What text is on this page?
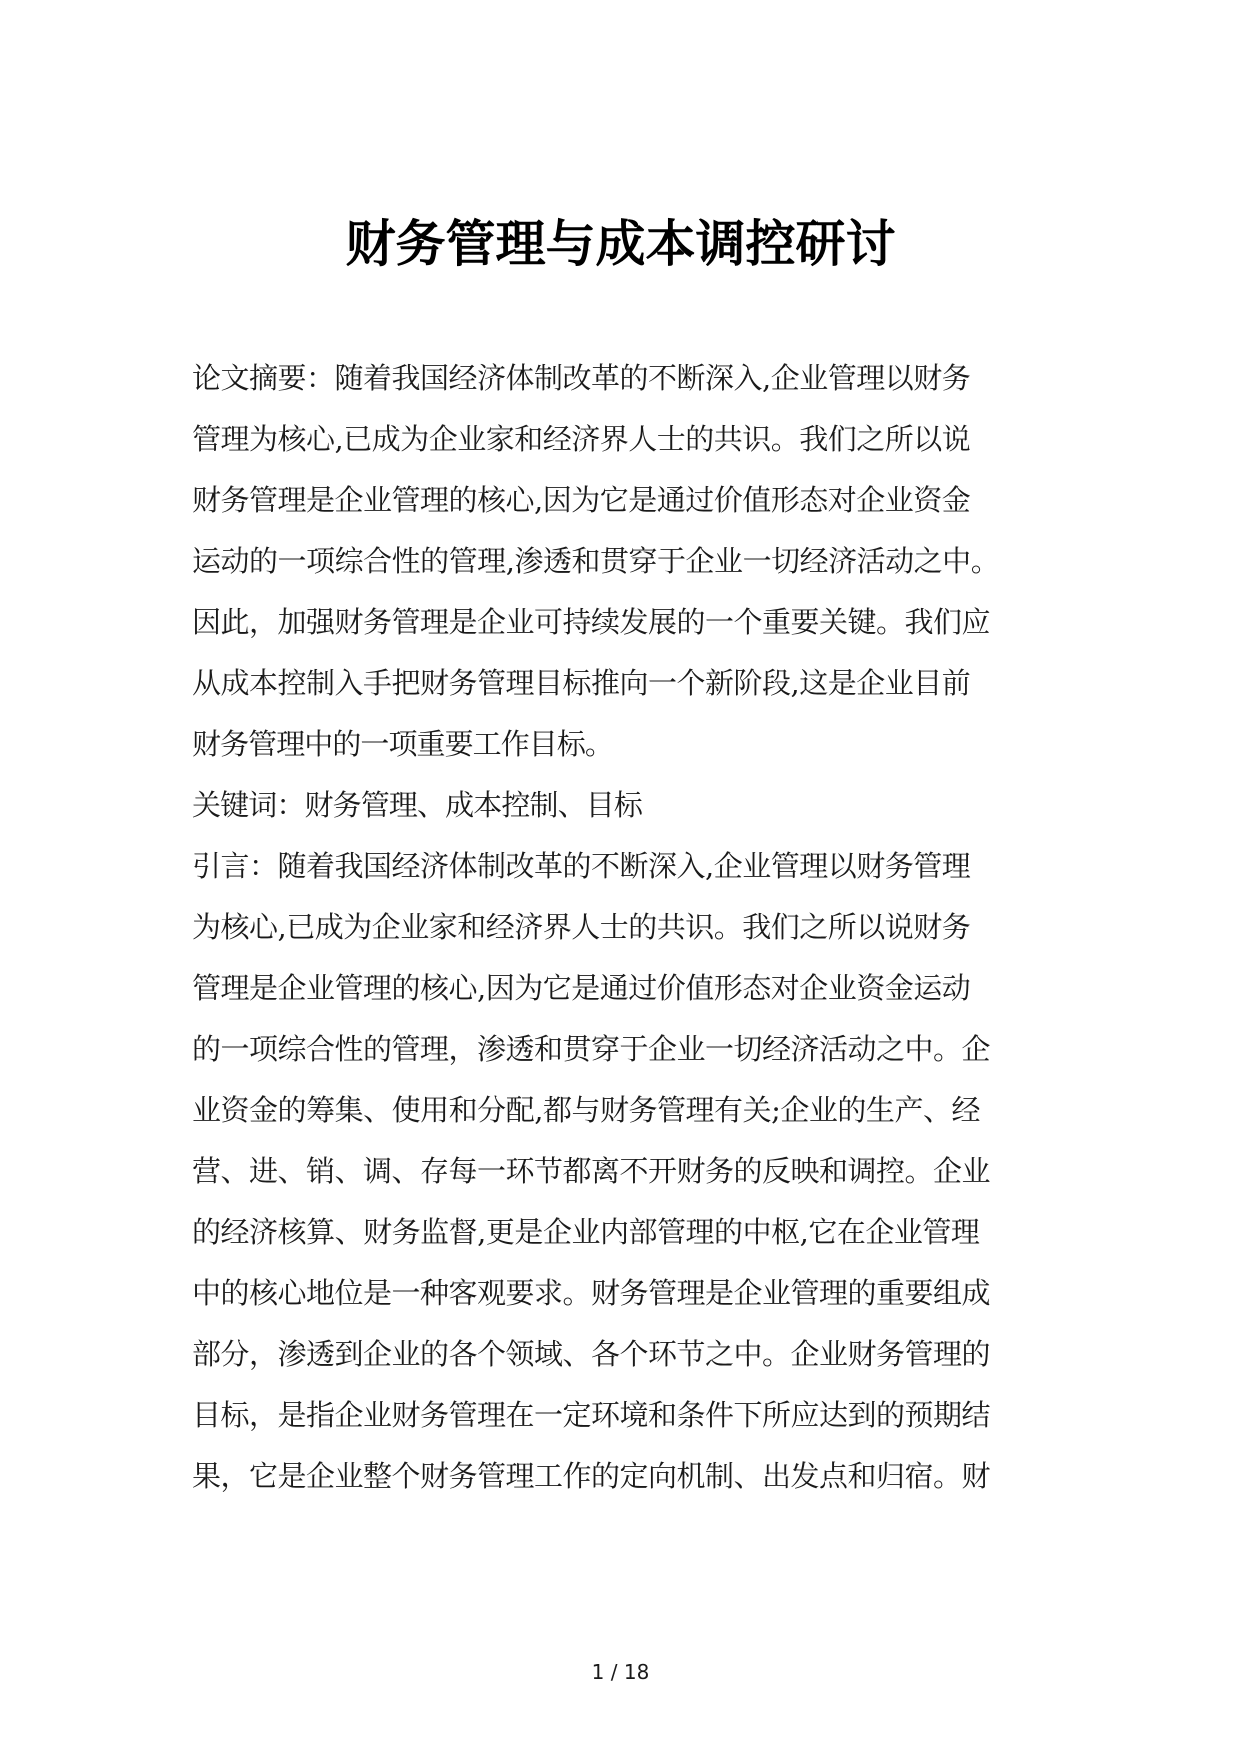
财务管理与成本调控研讨
论文摘要：随着我国经济体制改革的不断深入,企业管理以财务
管理为核心,已成为企业家和经济界人士的共识。我们之所以说
财务管理是企业管理的核心,因为它是通过价值形态对企业资金
运动的一项综合性的管理,渗透和贯穿于企业一切经济活动之中。
因此，加强财务管理是企业可持续发展的一个重要关键。我们应
从成本控制入手把财务管理目标推向一个新阶段,这是企业目前
财务管理中的一项重要工作目标。
关键词：财务管理、成本控制、目标
引言：随着我国经济体制改革的不断深入,企业管理以财务管理
为核心,已成为企业家和经济界人士的共识。我们之所以说财务
管理是企业管理的核心,因为它是通过价值形态对企业资金运动
的一项综合性的管理，渗透和贯穿于企业一切经济活动之中。企
业资金的筹集、使用和分配,都与财务管理有关;企业的生产、经
营、进、销、调、存每一环节都离不开财务的反映和调控。企业
的经济核算、财务监督,更是企业内部管理的中枢,它在企业管理
中的核心地位是一种客观要求。财务管理是企业管理的重要组成
部分，渗透到企业的各个领域、各个环节之中。企业财务管理的
目标，是指企业财务管理在一定环境和条件下所应达到的预期结
果，它是企业整个财务管理工作的定向机制、出发点和归宿。财
1 / 18
